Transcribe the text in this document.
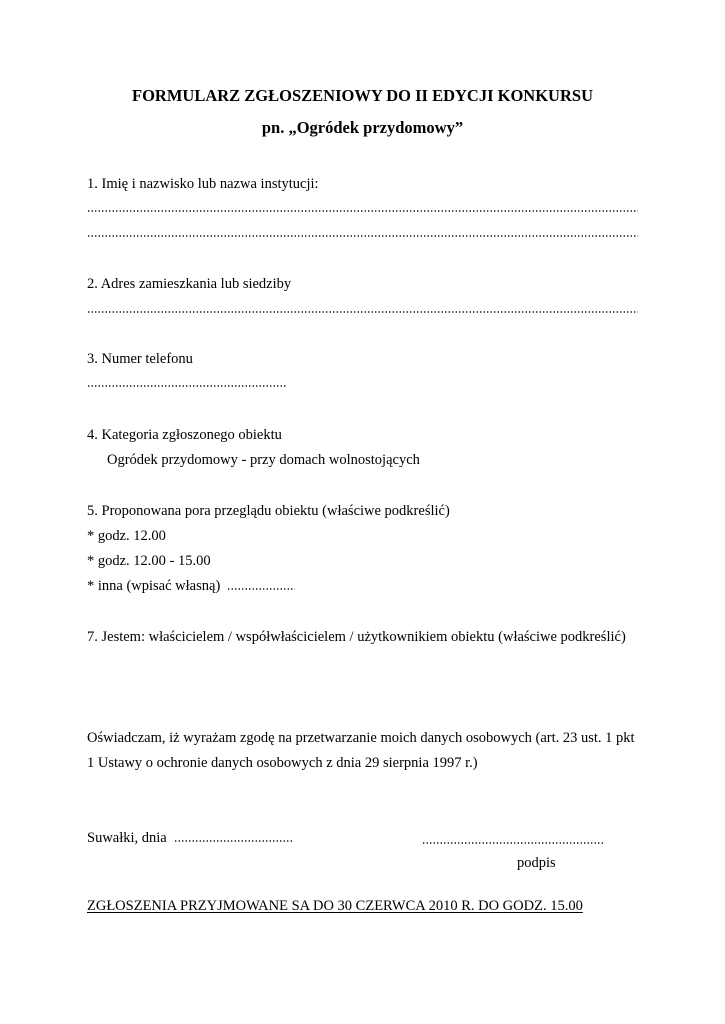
FORMULARZ ZGŁOSZENIOWY DO II EDYCJI KONKURSU
pn. „Ogródek przydomowy”
1. Imię i nazwisko lub nazwa instytucji:
2. Adres zamieszkania lub siedziby
3. Numer telefonu
4. Kategoria zgłoszonego obiektu
Ogródek przydomowy - przy domach wolnostojących
5. Proponowana pora przeglądu obiektu (właściwe podkreślić)
* godz. 12.00
* godz. 12.00 - 15.00
* inna (wpisać własną)
7. Jestem: właścicielem / współwłaścicielem / użytkownikiem obiektu (właściwe podkreślić)
Oświadczam, iż wyrażam zgodę na przetwarzanie moich danych osobowych (art. 23 ust. 1 pkt
1 Ustawy o ochronie danych osobowych z dnia 29 sierpnia 1997 r.)
Suwałki, dnia
podpis
ZGŁOSZENIA PRZYJMOWANE SA DO 30 CZERWCA 2010 R. DO GODZ. 15.00
